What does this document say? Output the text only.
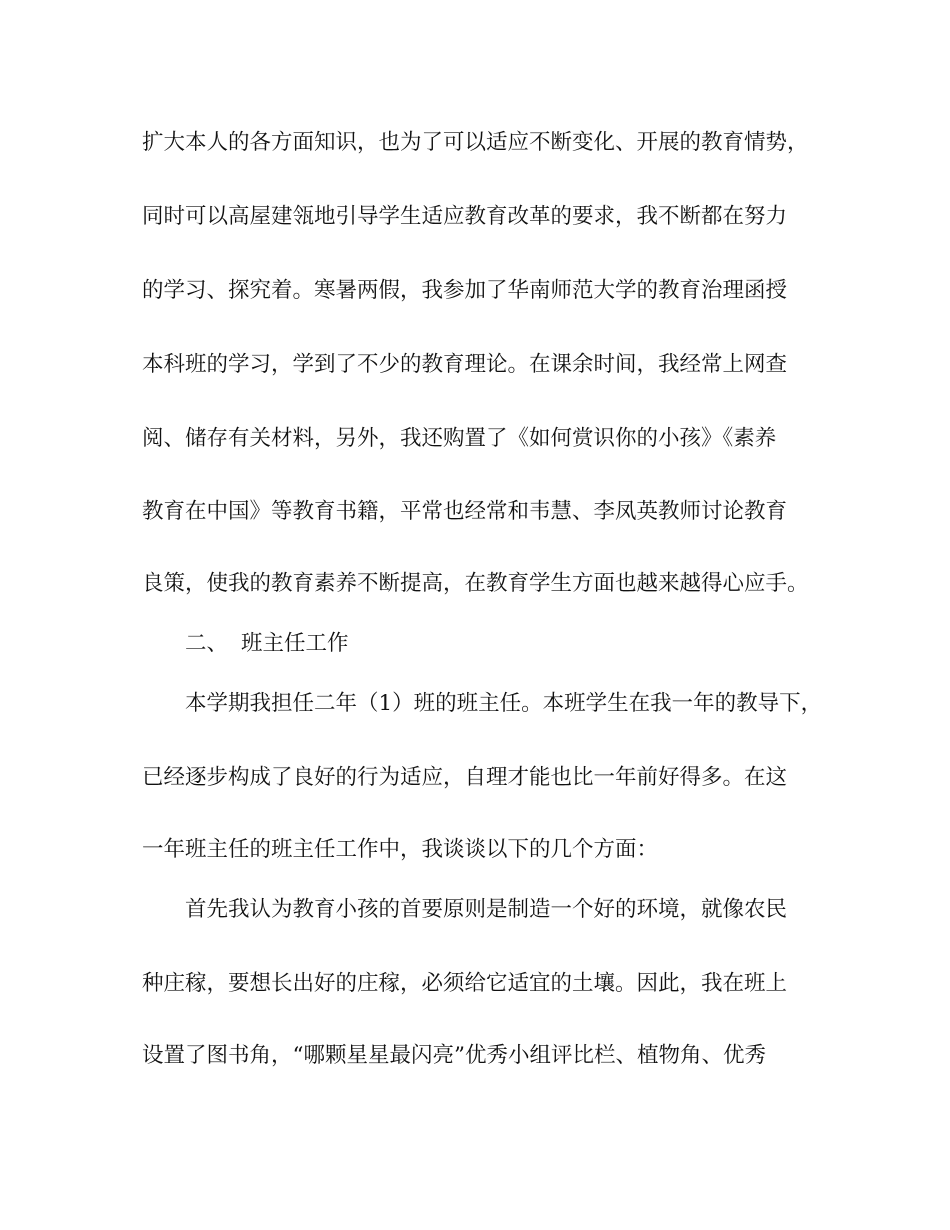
扩大本人的各方面知识，也为了可以适应不断变化、开展的教育情势，
同时可以高屋建瓴地引导学生适应教育改革的要求，我不断都在努力
的学习、探究着。寒暑两假，我参加了华南师范大学的教育治理函授
本科班的学习，学到了不少的教育理论。在课余时间，我经常上网查
阅、储存有关材料，另外，我还购置了《如何赏识你的小孩》《素养
教育在中国》等教育书籍，平常也经常和韦慧、李凤英教师讨论教育
良策，使我的教育素养不断提高，在教育学生方面也越来越得心应手。
二、 班主任工作
本学期我担任二年（1）班的班主任。本班学生在我一年的教导下，
已经逐步构成了良好的行为适应，自理才能也比一年前好得多。在这
一年班主任的班主任工作中，我谈谈以下的几个方面：
首先我认为教育小孩的首要原则是制造一个好的环境，就像农民
种庄稼，要想长出好的庄稼，必须给它适宜的土壤。因此，我在班上
设置了图书角，“哪颗星星最闪亮”优秀小组评比栏、植物角、优秀
